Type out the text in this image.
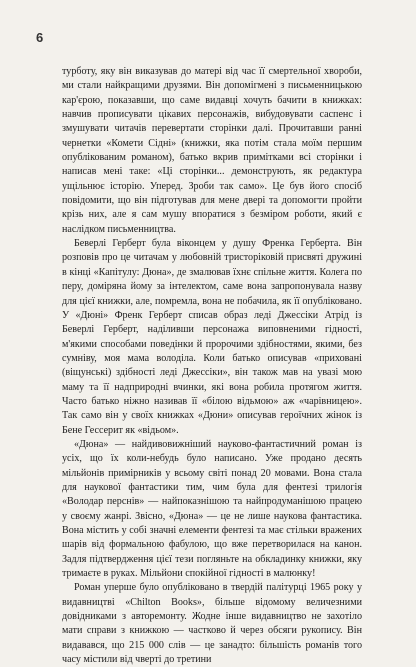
6

турботу, яку він виказував до матері від час її смертельної хвороби, ми стали найкращими друзями. Він допомігмені з письменницькою кар'єрою, показавши, що саме видавці хочуть бачити в книжках: навчив прописувати цікавих персонажів, вибудовувати саспенс і змушувати читачів перевертати сторінки далі. Прочитавши ранні чернетки «Комети Сідні» (книжки, яка потім стала моїм першим опублікованим романом), батько вкрив примітками всі сторінки і написав мені таке: «Ці сторінки... демонструють, як редактура ущільнює історію. Уперед. Зроби так само». Це був його спосіб повідомити, що він підготував для мене двері та допомогти пройти крізь них, але я сам мушу впоратися з безміром роботи, який є наслідком письменництва.

Беверлі Герберт була віконцем у душу Френка Герберта. Він розповів про це читачам у любовній тристоріковій присвяті дружині в кінці «Капітулу: Дюна», де змалював їхнє спільне життя. Колега по перу, доміряна йому за інтелектом, саме вона запропонувала назву для цієї книжки, але, помремла, вона не побачила, як її опубліковано. У «Дюні» Френк Герберт списав образ леді Джессіки Атрід із Беверлі Герберт, наділивши персонажа виповненими гідності, м'якими способами поведінки й пророчими здібностями, якими, без сумніву, моя мама володіла. Коли батько описував «приховані (віщунські) здібності леді Джессіки», він також мав на увазі мою маму та її надприродні вчинки, які вона робила протягом життя. Часто батько ніжно називав її «білою відьмою» аж «чарівницею». Так само він у своїх книжках «Дюни» описував героїчних жінок із Бене Гессерит як «відьом».

«Дюна» — найдивовижніший науково-фантастичний роман із усіх, що їх коли-небудь було написано. Уже продано десять мільйонів примірників у всьому світі понад 20 мовами. Вона стала для наукової фантастики тим, чим була для фентезі трилогія «Володар перснів» — найпоказнішою та найпродуманішою працею у своєму жанрі. Звісно, «Дюна» — це не лише наукова фантастика. Вона містить у собі значні елементи фентезі та має стільки вражених шарів від формальною фабулою, що вже перетворилася на канон. Задля підтвердження цієї тези погляньте на обкладинку книжки, яку тримаєте в руках. Мільйони спокійної гідності в малюнку!

Роман уперше було опубліковано в твердій палітурці 1965 року у видавництві «Chilton Books», більше відомому величезними довідниками з авторемонту. Жодне інше видавництво не захотіло мати справи з книжкою — частково й через обсяги рукопису. Він видавався, що 215 000 слів — це занадто: більшість романів того часу містили від чверті до третини
